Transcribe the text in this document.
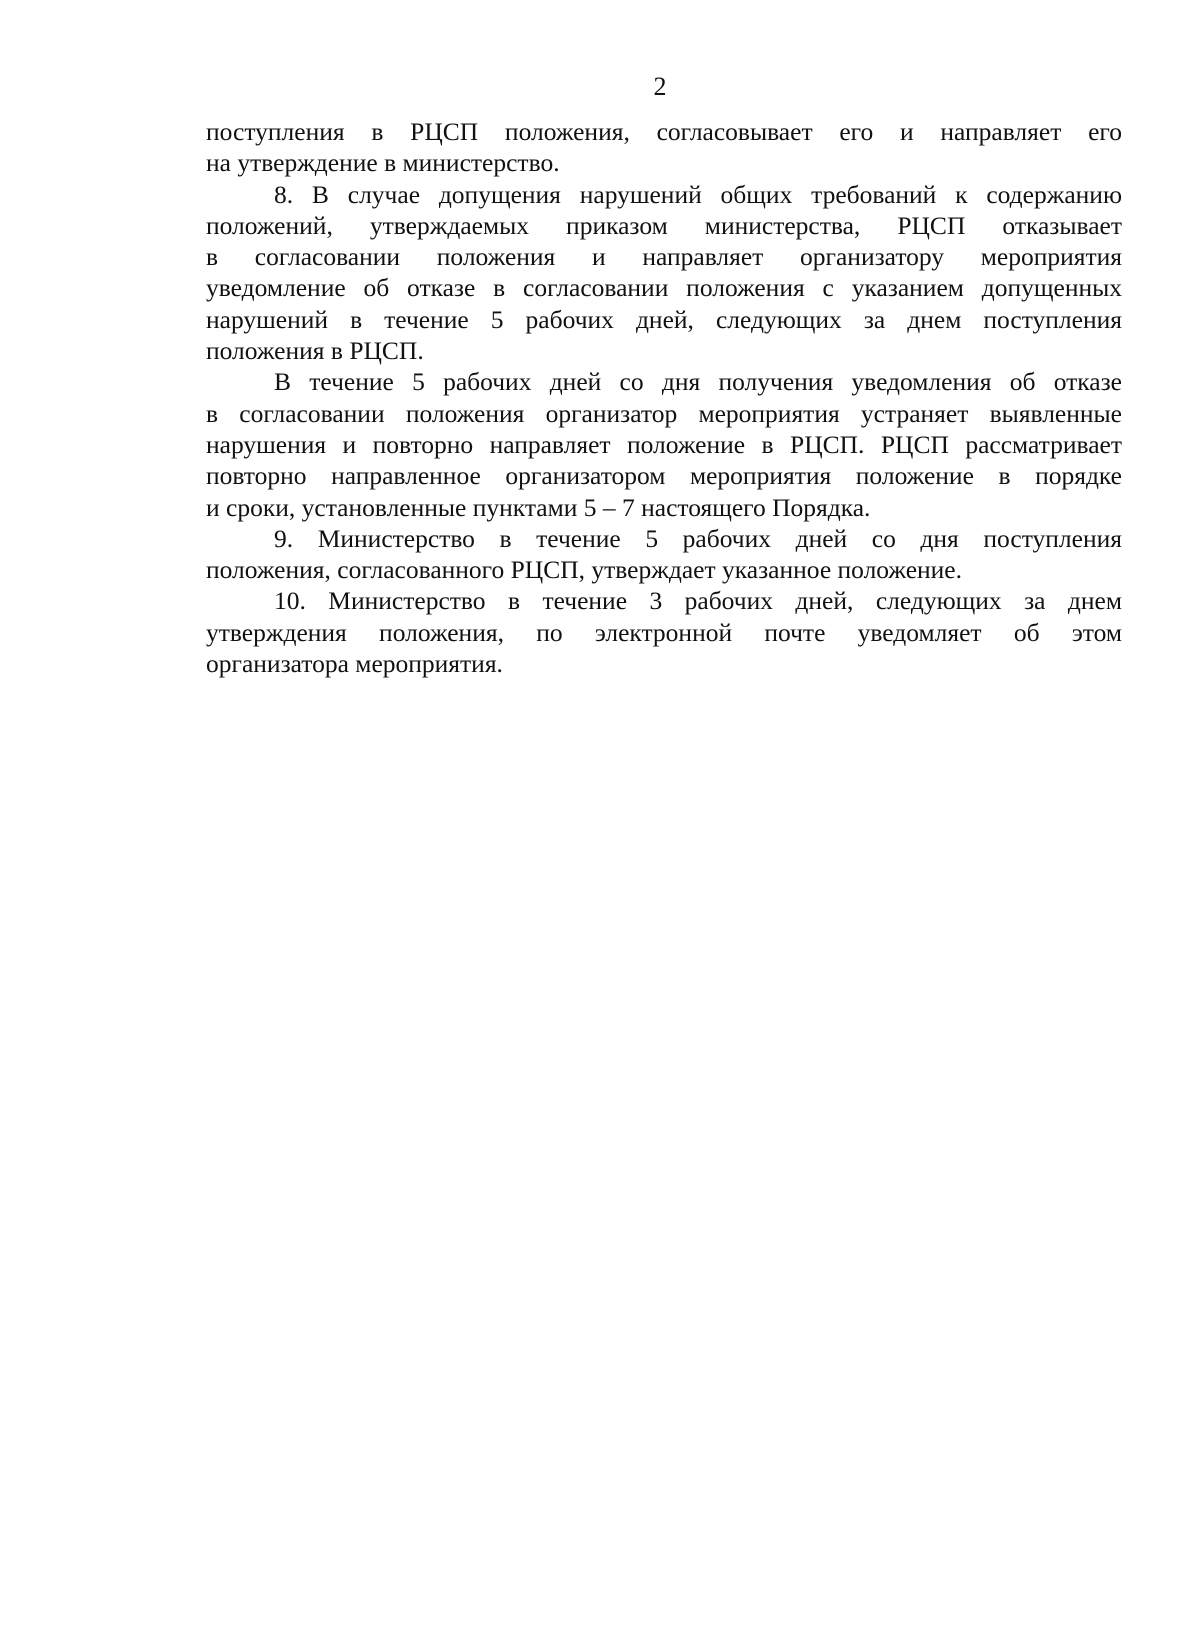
2
поступления в РЦСП положения, согласовывает его и направляет его
на утверждение в министерство.
8. В случае допущения нарушений общих требований к содержанию
положений, утверждаемых приказом министерства, РЦСП отказывает
в согласовании положения и направляет организатору мероприятия
уведомление об отказе в согласовании положения с указанием допущенных
нарушений в течение 5 рабочих дней, следующих за днем поступления
положения в РЦСП.
В течение 5 рабочих дней со дня получения уведомления об отказе
в согласовании положения организатор мероприятия устраняет выявленные
нарушения и повторно направляет положение в РЦСП. РЦСП рассматривает
повторно направленное организатором мероприятия положение в порядке
и сроки, установленные пунктами 5 – 7 настоящего Порядка.
9. Министерство в течение 5 рабочих дней со дня поступления
положения, согласованного РЦСП, утверждает указанное положение.
10. Министерство в течение 3 рабочих дней, следующих за днем
утверждения положения, по электронной почте уведомляет об этом
организатора мероприятия.
